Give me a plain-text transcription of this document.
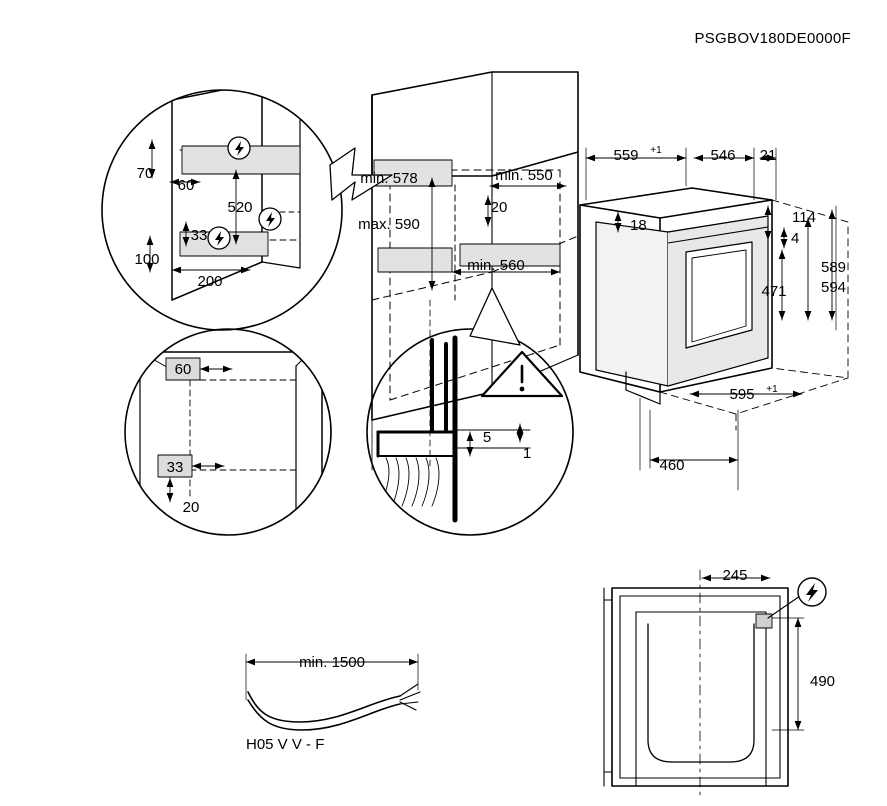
PSGBOV180DE0000F
min. 578
max. 590
min. 550
20
min. 560
70
60
520
33
100
200
60
33
20
5
1
559 +1	546 21
114
18
4
471
589
594
595 +1
460
245
490
min. 1500
H05 V V - F
